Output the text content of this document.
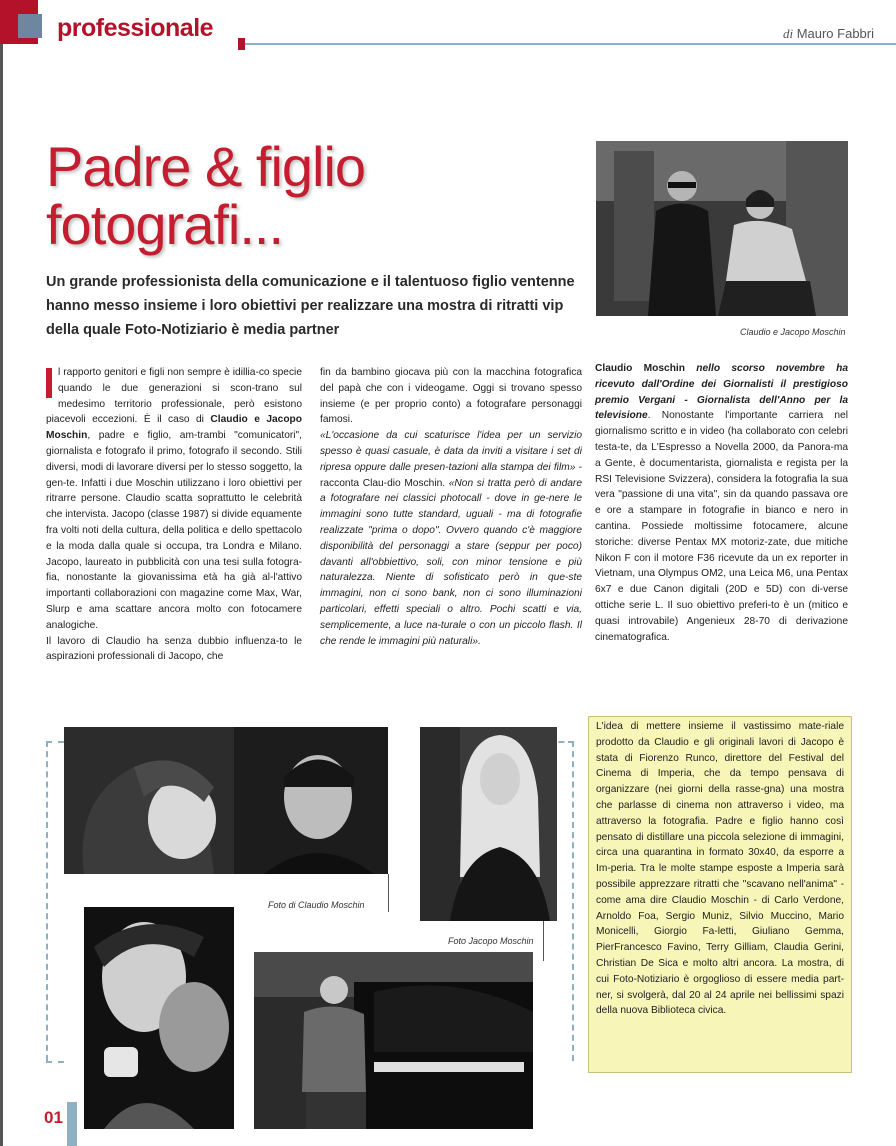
professionale	di Mauro Fabbri
Padre & figlio
fotografi...
Un grande professionista della comunicazione e il talentuoso figlio ventenne hanno messo insieme i loro obiettivi per realizzare una mostra di ritratti vip della quale Foto-Notiziario è media partner	Claudio e Jacopo Moschin

l rapporto genitori e figli non sempre è idillia-co specie quando le due generazioni si scon-trano sul medesimo territorio professionale, però esistono piacevoli eccezioni. È il caso di Claudio e Jacopo Moschin, padre e figlio, am-trambi "comunicatori", giornalista e fotografo il primo, fotografo il secondo. Stili diversi, modi di lavorare diversi per lo stesso soggetto, la gen-te. Infatti i due Moschin utilizzano i loro obiettivi per ritrarre persone. Claudio scatta soprattutto le celebrità che intervista. Jacopo (classe 1987) si divide equamente fra volti noti della cultura, della politica e dello spettacolo e la moda dalla quale si occupa, tra Londra e Milano. Jacopo, laureato in pubblicità con una tesi sulla fotogra-fia, nonostante la giovanissima età ha già al-l'attivo importanti collaborazioni con magazine come Max, War, Slurp e ama scattare ancora molto con fotocamere analogiche.

Il lavoro di Claudio ha senza dubbio influenza-to le aspirazioni professionali di Jacopo, che

fin da bambino giocava più con la macchina fotografica del papà che con i videogame. Oggi si trovano spesso insieme (e per proprio conto) a fotografare personaggi famosi.

«L'occasione da cui scaturisce l'idea per un servizio spesso è quasi casuale, è data da inviti a visitare i set di ripresa oppure dalle presen-tazioni alla stampa dei film» - racconta Clau-dio Moschin. «Non si tratta però di andare a fotografare nei classici photocall - dove in ge-nere le immagini sono tutte standard, uguali - ma di fotografie realizzate "prima o dopo". Ovvero quando c'è maggiore disponibilità del personaggi a stare (seppur per poco) davanti all'obbiettivo, soli, con minor tensione e più naturalezza. Niente di sofisticato però in que-ste immagini, non ci sono bank, non ci sono illuminazioni particolari, effetti speciali o altro. Pochi scatti e via, semplicemente, a luce na-turale o con un piccolo flash. Il che rende le immagini più naturali».

Claudio Moschin nello scorso novembre ha ricevuto dall'Ordine dei Giornalisti il prestigioso premio Vergani - Giornalista dell'Anno per la televisione. Nonostante l'importante carriera nel giornalismo scritto e in video (ha collaborato con celebri testa-te, da L'Espresso a Novella 2000, da Panora-ma a Gente, è documentarista, giornalista e regista per la RSI Televisione Svizzera), considera la fotografia la sua vera "passione di una vita", sin da quando passava ore e ore a stampare in fotografie in bianco e nero in cantina. Possiede moltissime fotocamere, alcune storiche: diverse Pentax MX motoriz-zate, due mitiche Nikon F con il motore F36 ricevute da un ex reporter in Vietnam, una Olympus OM2, una Leica M6, una Pentax 6x7 e due Canon digitali (20D e 5D) con di-verse ottiche serie L. Il suo obiettivo preferi-to è un (mitico e quasi introvabile) Angenieux 28-70 di derivazione cinematografica.

L'idea di mettere insieme il vastissimo mate-riale prodotto da Claudio e gli originali lavori di Jacopo è stata di Fiorenzo Runco, direttore del Festival del Cinema di Imperia, che da tempo pensava di organizzare (nei giorni della rasse-gna) una mostra che parlasse di cinema non attraverso i video, ma attraverso la fotografia. Padre e figlio hanno così pensato di distillare una piccola selezione di immagini, circa una quarantina in formato 30x40, da esporre a Im-peria. Tra le molte stampe esposte a Imperia sarà possibile apprezzare ritratti che "scavano nell'anima" - come ama dire Claudio Moschin - di Carlo Verdone, Arnoldo Foa, Sergio Muniz, Silvio Muccino, Mario Monicelli, Giorgio Fa-letti, Giuliano Gemma, PierFrancesco Favino, Terry Gilliam, Claudia Gerini, Christian De Sica e molto altri ancora. La mostra, di cui Foto-Notiziario è orgoglioso di essere media part-ner, si svolgerà, dal 20 al 24 aprile nei bellissimi spazi della nuova Biblioteca civica.
Foto di Claudio Moschin
Foto Jacopo Moschin
01
